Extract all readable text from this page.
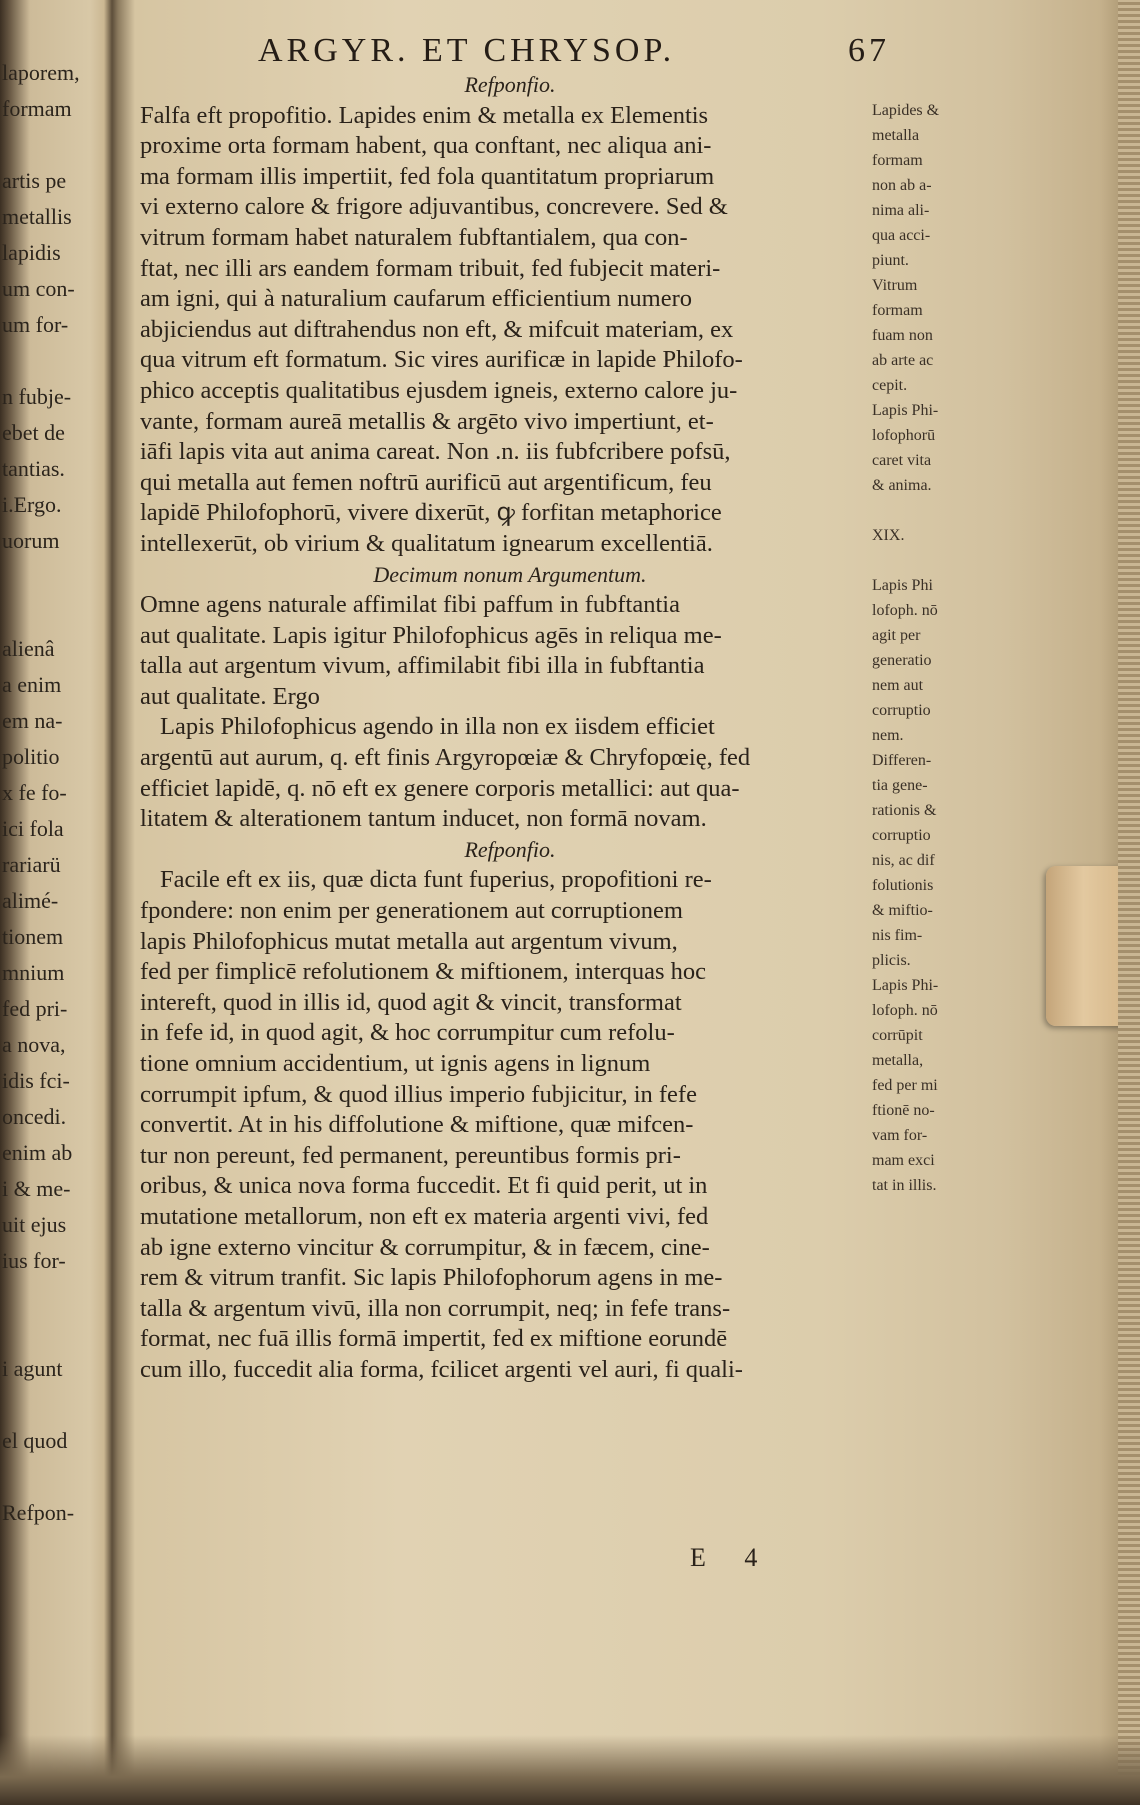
laporem,
formam
artis pe
metallis
lapidis
um con-
um for-
n fubje-
ebet de
tantias.
i.Ergo.
uorum
alienâ
a enim
em na-
politio
x fe fo-
ici fola
rariarü
alimé-
tionem
mnium
fed pri-
a nova,
idis fci-
oncedi.
enim ab
i & me-
uit ejus
ius for-
i agunt
el quod
Refpon-
ARGYR. ET CHRYSOP.	67
Refponfio.
Falfa eft propofitio. Lapides enim & metalla ex Elementis
proxime orta formam habent, qua conftant, nec aliqua ani-
ma formam illis impertiit, fed fola quantitatum propriarum
vi externo calore & frigore adjuvantibus, concrevere. Sed &
vitrum formam habet naturalem fubftantialem, qua con-
ftat, nec illi ars eandem formam tribuit, fed fubjecit materi-
am igni, qui à naturalium caufarum efficientium numero
abjiciendus aut diftrahendus non eft, & mifcuit materiam, ex
qua vitrum eft formatum. Sic vires aurificæ in lapide Philofo-
phico acceptis qualitatibus ejusdem igneis, externo calore ju-
vante, formam aureā metallis & argēto vivo impertiunt, et-
iāfi lapis vita aut anima careat. Non .n. iis fubfcribere pofsū,
qui metalla aut femen noftrū aurificū aut argentificum, feu
lapidē Philofophorū, vivere dixerūt, ꝙ forfitan metaphorice
intellexerūt, ob virium & qualitatum ignearum excellentiā.
Decimum nonum Argumentum.
Omne agens naturale affimilat fibi paffum in fubftantia
aut qualitate. Lapis igitur Philofophicus agēs in reliqua me-
talla aut argentum vivum, affimilabit fibi illa in fubftantia
aut qualitate. Ergo
Lapis Philofophicus agendo in illa non ex iisdem efficiet
argentū aut aurum, q. eft finis Argyropœiæ & Chryfopœię, fed
efficiet lapidē, q. nō eft ex genere corporis metallici: aut qua-
litatem & alterationem tantum inducet, non formā novam.
Refponfio.
Facile eft ex iis, quæ dicta funt fuperius, propofitioni re-
fpondere: non enim per generationem aut corruptionem
lapis Philofophicus mutat metalla aut argentum vivum,
fed per fimplicē refolutionem & miftionem, interquas hoc
intereft, quod in illis id, quod agit & vincit, transformat
in fefe id, in quod agit, & hoc corrumpitur cum refolu-
tione omnium accidentium, ut ignis agens in lignum
corrumpit ipfum, & quod illius imperio fubjicitur, in fefe
convertit. At in his diffolutione & miftione, quæ mifcen-
tur non pereunt, fed permanent, pereuntibus formis pri-
oribus, & unica nova forma fuccedit. Et fi quid perit, ut in
mutatione metallorum, non eft ex materia argenti vivi, fed
ab igne externo vincitur & corrumpitur, & in fæcem, cine-
rem & vitrum tranfit. Sic lapis Philofophorum agens in me-
talla & argentum vivū, illa non corrumpit, neq; in fefe trans-
format, nec fuā illis formā impertit, fed ex miftione eorundē
cum illo, fuccedit alia forma, fcilicet argenti vel auri, fi quali-
Lapides &
metalla
formam
non ab a-
nima ali-
qua acci-
piunt.
Vitrum
formam
fuam non
ab arte ac
cepit.
Lapis Phi-
lofophorū
caret vita
& anima.

XIX.

Lapis Phi
lofoph. nō
agit per
generatio
nem aut
corruptio
nem.
Differen-
tia gene-
rationis &
corruptio
nis, ac dif
folutionis
& miftio-
nis fim-
plicis.
Lapis Phi-
lofoph. nō
corrūpit
metalla,
fed per mi
ftionē no-
vam for-
mam exci
tat in illis.
E 4
